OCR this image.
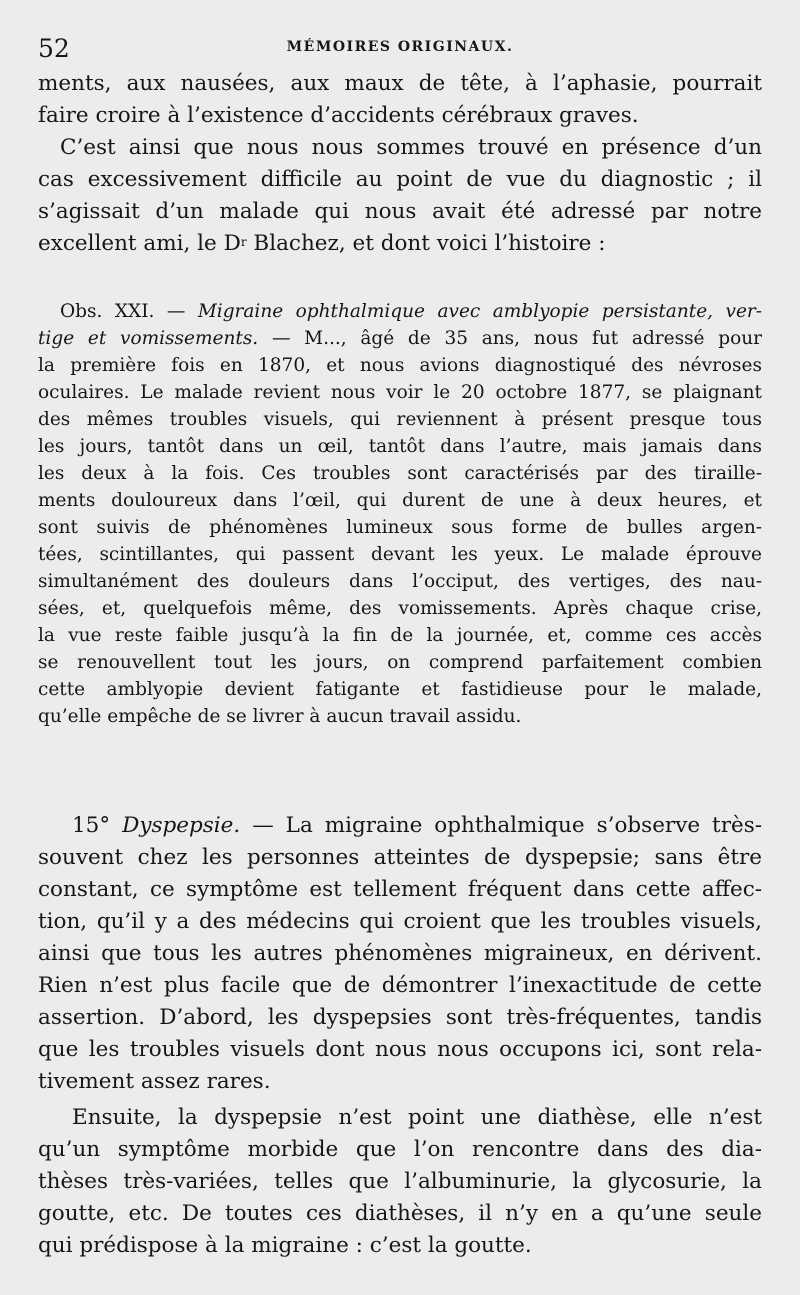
52	MÉMOIRES ORIGINAUX.
ments, aux nausées, aux maux de tête, à l’aphasie, pourrait
faire croire à l’existence d’accidents cérébraux graves.
C’est ainsi que nous nous sommes trouvé en présence d’un
cas excessivement difficile au point de vue du diagnostic ; il
s’agissait d’un malade qui nous avait été adressé par notre
excellent ami, le $D^r$ Blachez, et dont voici l’histoire :
Obs. XXI. — Migraine ophthalmique avec amblyopie persistante, ver-
tige et vomissements. — M..., âgé de 35 ans, nous fut adressé pour
la première fois en 1870, et nous avions diagnostiqué des névroses
oculaires. Le malade revient nous voir le 20 octobre 1877, se plaignant
des mêmes troubles visuels, qui reviennent à présent presque tous
les jours, tantôt dans un œil, tantôt dans l’autre, mais jamais dans
les deux à la fois. Ces troubles sont caractérisés par des tiraille-
ments douloureux dans l’œil, qui durent de une à deux heures, et
sont suivis de phénomènes lumineux sous forme de bulles argen-
tées, scintillantes, qui passent devant les yeux. Le malade éprouve
simultanément des douleurs dans l’occiput, des vertiges, des nau-
sées, et, quelquefois même, des vomissements. Après chaque crise,
la vue reste faible jusqu’à la fin de la journée, et, comme ces accès
se renouvellent tout les jours, on comprend parfaitement combien
cette amblyopie devient fatigante et fastidieuse pour le malade,
qu’elle empêche de se livrer à aucun travail assidu.
15° Dyspepsie. — La migraine ophthalmique s’observe très-
souvent chez les personnes atteintes de dyspepsie; sans être
constant, ce symptôme est tellement fréquent dans cette affec-
tion, qu’il y a des médecins qui croient que les troubles visuels,
ainsi que tous les autres phénomènes migraineux, en dérivent.
Rien n’est plus facile que de démontrer l’inexactitude de cette
assertion. D’abord, les dyspepsies sont très-fréquentes, tandis
que les troubles visuels dont nous nous occupons ici, sont rela-
tivement assez rares.
Ensuite, la dyspepsie n’est point une diathèse, elle n’est
qu’un symptôme morbide que l’on rencontre dans des dia-
thèses très-variées, telles que l’albuminurie, la glycosurie, la
goutte, etc. De toutes ces diathèses, il n’y en a qu’une seule
qui prédispose à la migraine : c’est la goutte.
